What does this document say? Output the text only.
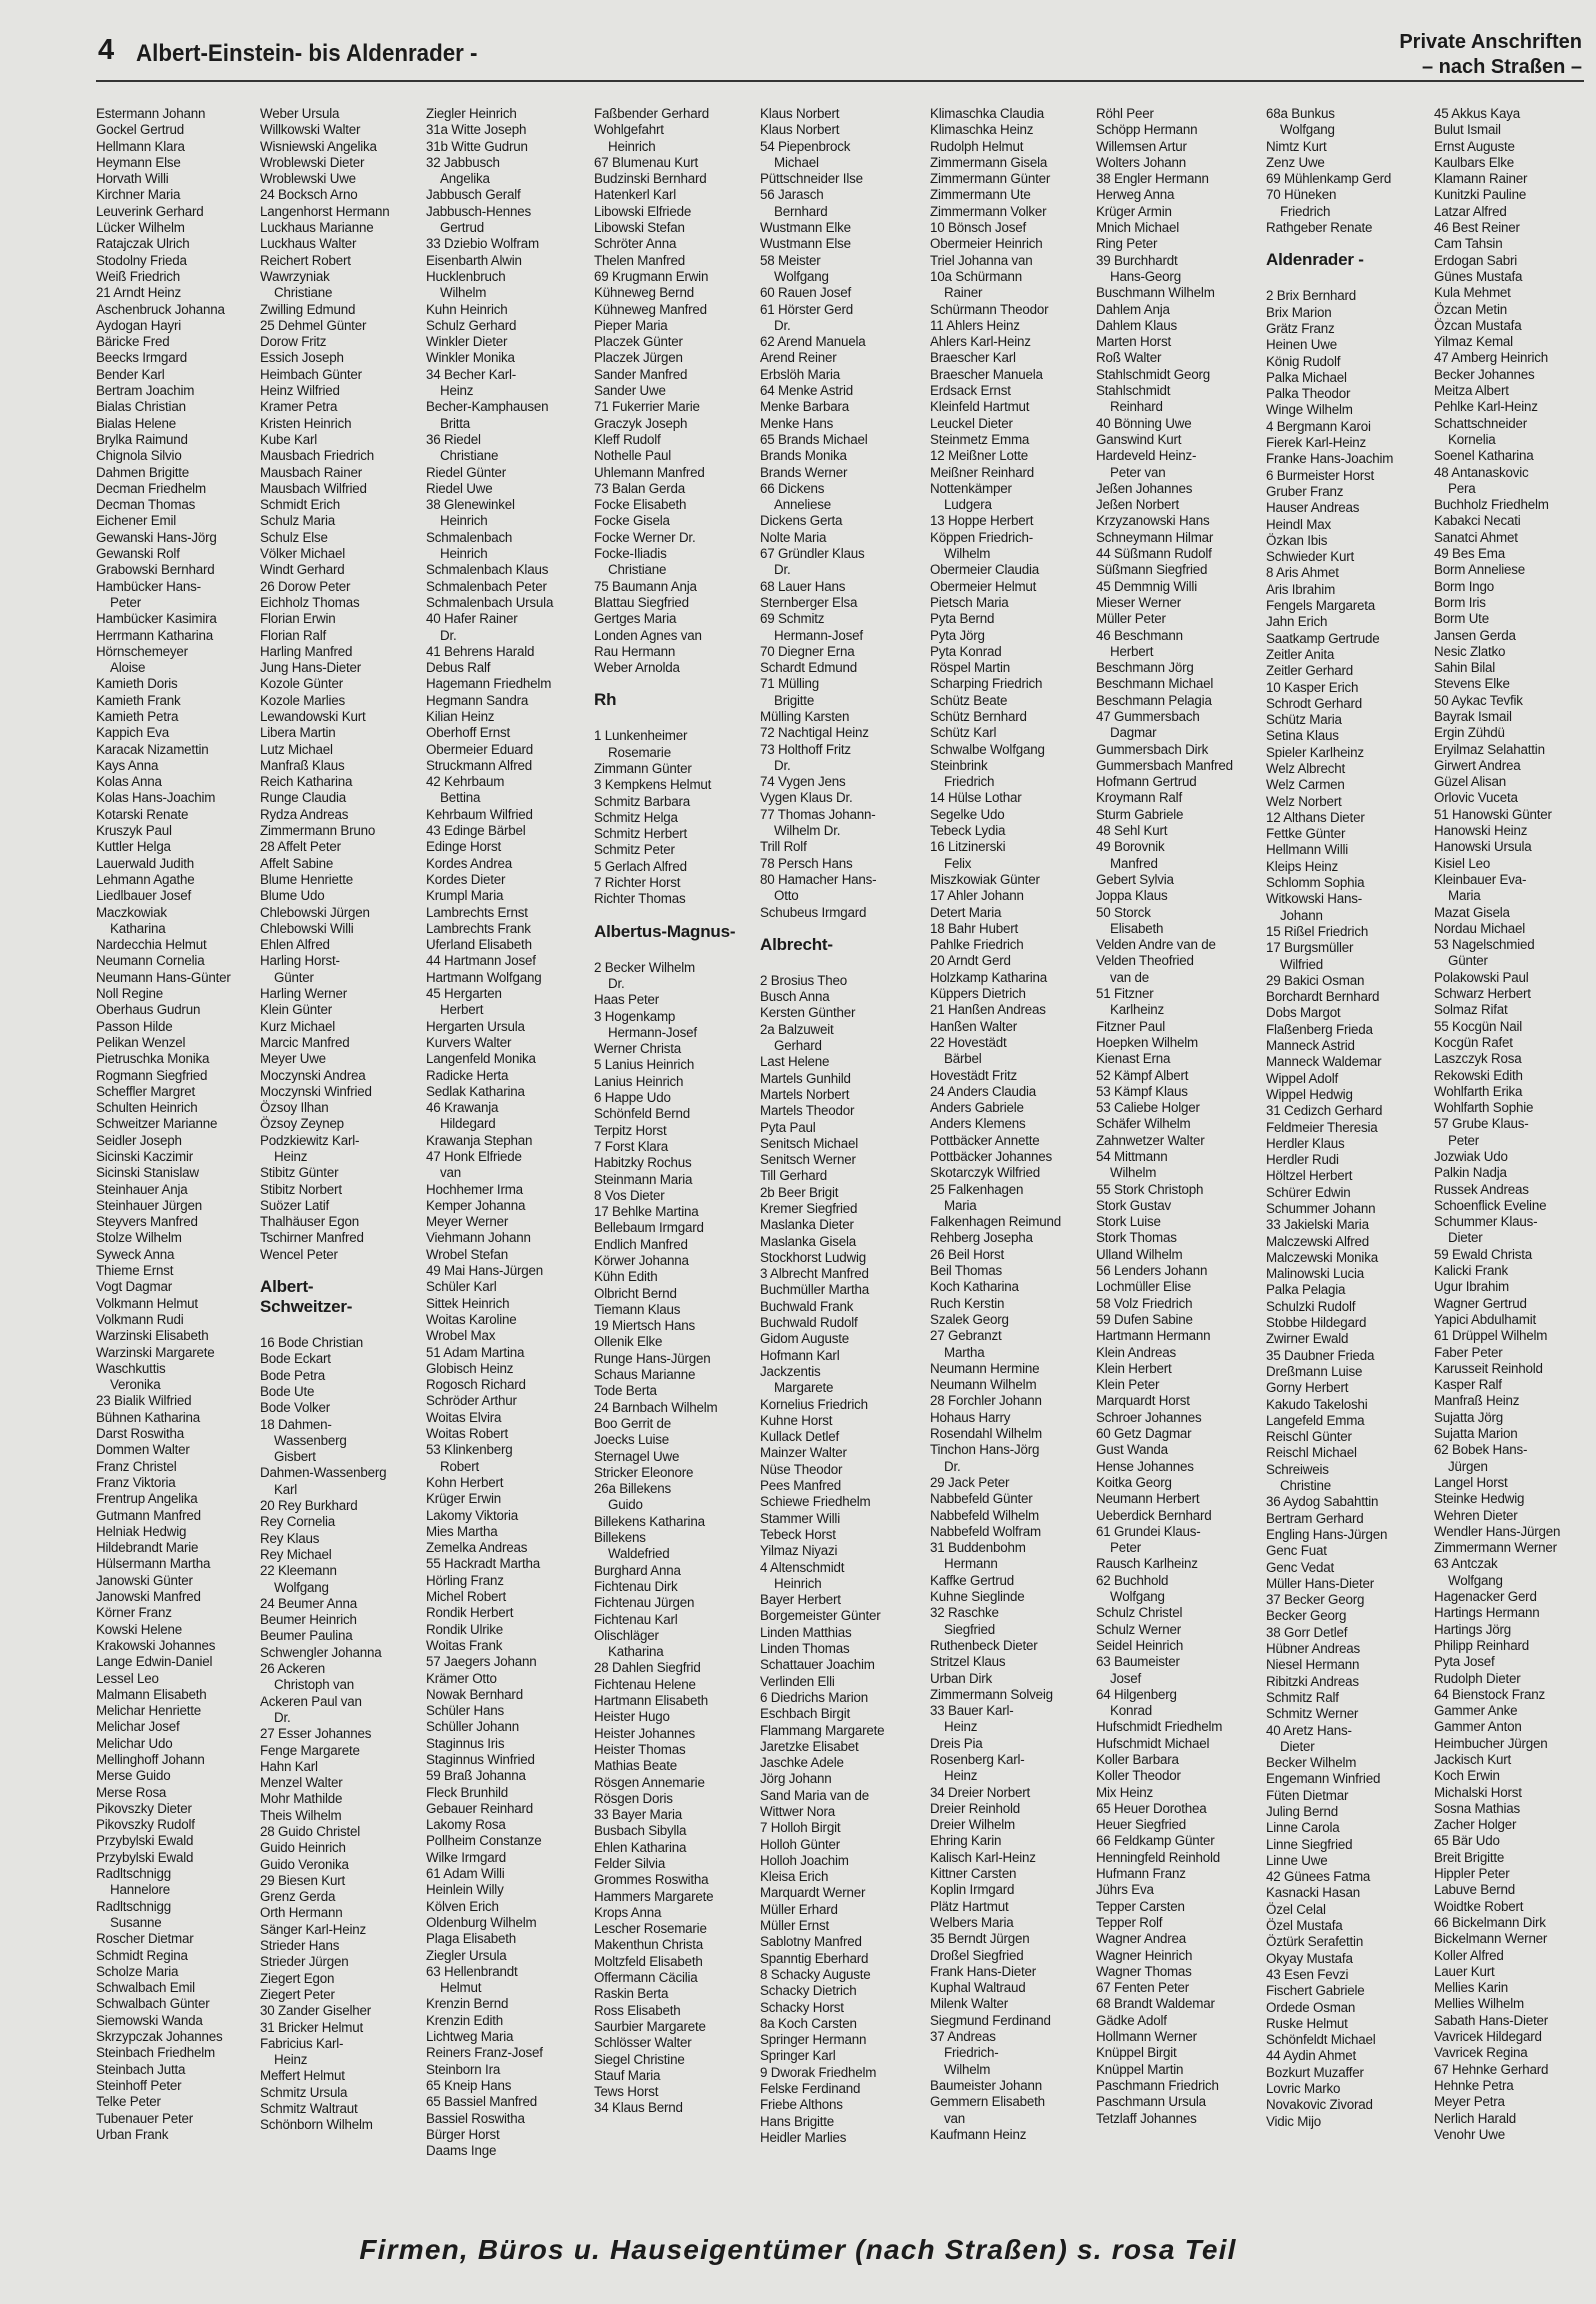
4 Albert-Einstein- bis Aldenrader -	Private Anschriften
– nach Straßen –
Estermann Johann
Gockel Gertrud
Hellmann Klara
Heymann Else
Horvath Willi
Kirchner Maria
Leuverink Gerhard
Lücker Wilhelm
Ratajczak Ulrich
Stodolny Frieda
Weiß Friedrich
21 Arndt Heinz
Aschenbruck Johanna
Aydogan Hayri
Bäricke Fred
Beecks Irmgard
Bender Karl
Bertram Joachim
Bialas Christian
Bialas Helene
Brylka Raimund
Chignola Silvio
Dahmen Brigitte
Decman Friedhelm
Decman Thomas
Eichener Emil
Gewanski Hans-Jörg
Gewanski Rolf
Grabowski Bernhard
Hambücker Hans-
Peter
Hambücker Kasimira
Herrmann Katharina
Hörnschemeyer
Aloise
Kamieth Doris
Kamieth Frank
Kamieth Petra
Kappich Eva
Karacak Nizamettin
Kays Anna
Kolas Anna
Kolas Hans-Joachim
Kotarski Renate
Kruszyk Paul
Kuttler Helga
Lauerwald Judith
Lehmann Agathe
Liedlbauer Josef
Maczkowiak
Katharina
Nardecchia Helmut
Neumann Cornelia
Neumann Hans-Günter
Noll Regine
Oberhaus Gudrun
Passon Hilde
Pelikan Wenzel
Pietruschka Monika
Rogmann Siegfried
Scheffler Margret
Schulten Heinrich
Schweitzer Marianne
Seidler Joseph
Sicinski Kaczimir
Sicinski Stanislaw
Steinhauer Anja
Steinhauer Jürgen
Steyvers Manfred
Stolze Wilhelm
Syweck Anna
Thieme Ernst
Vogt Dagmar
Volkmann Helmut
Volkmann Rudi
Warzinski Elisabeth
Warzinski Margarete
Waschkuttis
Veronika
23 Bialik Wilfried
Bühnen Katharina
Darst Roswitha
Dommen Walter
Franz Christel
Franz Viktoria
Frentrup Angelika
Gutmann Manfred
Helniak Hedwig
Hildebrandt Marie
Hülsermann Martha
Janowski Günter
Janowski Manfred
Körner Franz
Kowski Helene
Krakowski Johannes
Lange Edwin-Daniel
Lessel Leo
Malmann Elisabeth
Melichar Henriette
Melichar Josef
Melichar Udo
Mellinghoff Johann
Merse Guido
Merse Rosa
Pikovszky Dieter
Pikovszky Rudolf
Przybylski Ewald
Przybylski Ewald
Radltschnigg
Hannelore
Radltschnigg
Susanne
Roscher Dietmar
Schmidt Regina
Scholze Maria
Schwalbach Emil
Schwalbach Günter
Siemowski Wanda
Skrzypczak Johannes
Steinbach Friedhelm
Steinbach Jutta
Steinhoff Peter
Telke Peter
Tubenauer Peter
Urban Frank
Weber Ursula
Willkowski Walter
Wisniewski Angelika
Wroblewski Dieter
Wroblewski Uwe
24 Bocksch Arno
Langenhorst Hermann
Luckhaus Marianne
Luckhaus Walter
Reichert Robert
Wawrzyniak
Christiane
Zwilling Edmund
25 Dehmel Günter
Dorow Fritz
Essich Joseph
Heimbach Günter
Heinz Wilfried
Kramer Petra
Kristen Heinrich
Kube Karl
Mausbach Friedrich
Mausbach Rainer
Mausbach Wilfried
Schmidt Erich
Schulz Maria
Schulz Else
Völker Michael
Windt Gerhard
26 Dorow Peter
Eichholz Thomas
Florian Erwin
Florian Ralf
Harling Manfred
Jung Hans-Dieter
Kozole Günter
Kozole Marlies
Lewandowski Kurt
Libera Martin
Lutz Michael
Manfraß Klaus
Reich Katharina
Runge Claudia
Rydza Andreas
Zimmermann Bruno
28 Affelt Peter
Affelt Sabine
Blume Henriette
Blume Udo
Chlebowski Jürgen
Chlebowski Willi
Ehlen Alfred
Harling Horst-
Günter
Harling Werner
Klein Günter
Kurz Michael
Marcic Manfred
Meyer Uwe
Moczynski Andrea
Moczynski Winfried
Özsoy Ilhan
Özsoy Zeynep
Podzkiewitz Karl-
Heinz
Stibitz Günter
Stibitz Norbert
Suözer Latif
Thalhäuser Egon
Tschirner Manfred
Wencel Peter
Albert-
Schweitzer-
16 Bode Christian
Bode Eckart
Bode Petra
Bode Ute
Bode Volker
18 Dahmen-
Wassenberg
Gisbert
Dahmen-Wassenberg
Karl
20 Rey Burkhard
Rey Cornelia
Rey Klaus
Rey Michael
22 Kleemann
Wolfgang
24 Beumer Anna
Beumer Heinrich
Beumer Paulina
Schwengler Johanna
26 Ackeren
Christoph van
Ackeren Paul van
Dr.
27 Esser Johannes
Fenge Margarete
Hahn Karl
Menzel Walter
Mohr Mathilde
Theis Wilhelm
28 Guido Christel
Guido Heinrich
Guido Veronika
29 Biesen Kurt
Grenz Gerda
Orth Hermann
Sänger Karl-Heinz
Strieder Hans
Strieder Jürgen
Ziegert Egon
Ziegert Peter
30 Zander Giselher
31 Bricker Helmut
Fabricius Karl-
Heinz
Meffert Helmut
Schmitz Ursula
Schmitz Waltraut
Schönborn Wilhelm
Ziegler Heinrich
31a Witte Joseph
31b Witte Gudrun
32 Jabbusch
Angelika
Jabbusch Geralf
Jabbusch-Hennes
Gertrud
33 Dziebio Wolfram
Eisenbarth Alwin
Hucklenbruch
Wilhelm
Kuhn Heinrich
Schulz Gerhard
Winkler Dieter
Winkler Monika
34 Becher Karl-
Heinz
Becher-Kamphausen
Britta
36 Riedel
Christiane
Riedel Günter
Riedel Uwe
38 Glenewinkel
Heinrich
Schmalenbach
Heinrich
Schmalenbach Klaus
Schmalenbach Peter
Schmalenbach Ursula
40 Hafer Rainer
Dr.
41 Behrens Harald
Debus Ralf
Hagemann Friedhelm
Hegmann Sandra
Kilian Heinz
Oberhoff Ernst
Obermeier Eduard
Struckmann Alfred
42 Kehrbaum
Bettina
Kehrbaum Wilfried
43 Edinge Bärbel
Edinge Horst
Kordes Andrea
Kordes Dieter
Krumpl Maria
Lambrechts Ernst
Lambrechts Frank
Uferland Elisabeth
44 Hartmann Josef
Hartmann Wolfgang
45 Hergarten
Herbert
Hergarten Ursula
Kurvers Walter
Langenfeld Monika
Radicke Herta
Sedlak Katharina
46 Krawanja
Hildegard
Krawanja Stephan
47 Honk Elfriede
van
Hochhemer Irma
Kemper Johanna
Meyer Werner
Viehmann Johann
Wrobel Stefan
49 Mai Hans-Jürgen
Schüler Karl
Sittek Heinrich
Woitas Karoline
Wrobel Max
51 Adam Martina
Globisch Heinz
Rogosch Richard
Schröder Arthur
Woitas Elvira
Woitas Robert
53 Klinkenberg
Robert
Kohn Herbert
Krüger Erwin
Lakomy Viktoria
Mies Martha
Zemelka Andreas
55 Hackradt Martha
Hörling Franz
Michel Robert
Rondik Herbert
Rondik Ulrike
Woitas Frank
57 Jaegers Johann
Krämer Otto
Nowak Bernhard
Schüler Hans
Schüller Johann
Staginnus Iris
Staginnus Winfried
59 Braß Johanna
Fleck Brunhild
Gebauer Reinhard
Lakomy Rosa
Pollheim Constanze
Wilke Irmgard
61 Adam Willi
Heinlein Willy
Kölven Erich
Oldenburg Wilhelm
Plaga Elisabeth
Ziegler Ursula
63 Hellenbrandt
Helmut
Krenzin Bernd
Krenzin Edith
Lichtweg Maria
Reiners Franz-Josef
Steinborn Ira
65 Kneip Hans
65 Bassiel Manfred
Bassiel Roswitha
Bürger Horst
Daams Inge
Faßbender Gerhard
Wohlgefahrt
Heinrich
67 Blumenau Kurt
Budzinski Bernhard
Hatenkerl Karl
Libowski Elfriede
Libowski Stefan
Schröter Anna
Thelen Manfred
69 Krugmann Erwin
Kühneweg Bernd
Kühneweg Manfred
Pieper Maria
Placzek Günter
Placzek Jürgen
Sander Manfred
Sander Uwe
71 Fukerrier Marie
Graczyk Joseph
Kleff Rudolf
Nothelle Paul
Uhlemann Manfred
73 Balan Gerda
Focke Elisabeth
Focke Gisela
Focke Werner Dr.
Focke-Iliadis
Christiane
75 Baumann Anja
Blattau Siegfried
Gertges Maria
Londen Agnes van
Rau Hermann
Weber Arnolda
Rh
1 Lunkenheimer
Rosemarie
Zimmann Günter
3 Kempkens Helmut
Schmitz Barbara
Schmitz Helga
Schmitz Herbert
Schmitz Peter
5 Gerlach Alfred
7 Richter Horst
Richter Thomas
Albertus-Magnus-
2 Becker Wilhelm
Dr.
Haas Peter
3 Hogenkamp
Hermann-Josef
Werner Christa
5 Lanius Heinrich
Lanius Heinrich
6 Happe Udo
Schönfeld Bernd
Terpitz Horst
7 Forst Klara
Habitzky Rochus
Steinmann Maria
8 Vos Dieter
17 Behlke Martina
Bellebaum Irmgard
Endlich Manfred
Körwer Johanna
Kühn Edith
Olbricht Bernd
Tiemann Klaus
19 Miertsch Hans
Ollenik Elke
Runge Hans-Jürgen
Schaus Marianne
Tode Berta
24 Barnbach Wilhelm
Boo Gerrit de
Joecks Luise
Sternagel Uwe
Stricker Eleonore
26a Billekens
Guido
Billekens Katharina
Billekens
Waldefried
Burghard Anna
Fichtenau Dirk
Fichtenau Jürgen
Fichtenau Karl
Olischläger
Katharina
28 Dahlen Siegfrid
Fichtenau Helene
Hartmann Elisabeth
Heister Hugo
Heister Johannes
Heister Thomas
Mathias Beate
Rösgen Annemarie
Rösgen Doris
33 Bayer Maria
Busbach Sibylla
Ehlen Katharina
Felder Silvia
Grommes Roswitha
Hammers Margarete
Krops Anna
Lescher Rosemarie
Makenthun Christa
Moltzfeld Elisabeth
Offermann Cäcilia
Raskin Berta
Ross Elisabeth
Saurbier Margarete
Schlösser Walter
Siegel Christine
Stauf Maria
Tews Horst
34 Klaus Bernd
Klaus Norbert
Klaus Norbert
54 Piepenbrock
Michael
Püttschneider Ilse
56 Jarasch
Bernhard
Wustmann Elke
Wustmann Else
58 Meister
Wolfgang
60 Rauen Josef
61 Hörster Gerd
Dr.
62 Arend Manuela
Arend Reiner
Erbslöh Maria
64 Menke Astrid
Menke Barbara
Menke Hans
65 Brands Michael
Brands Monika
Brands Werner
66 Dickens
Anneliese
Dickens Gerta
Nolte Maria
67 Gründler Klaus
Dr.
68 Lauer Hans
Sternberger Elsa
69 Schmitz
Hermann-Josef
70 Diegner Erna
Schardt Edmund
71 Mülling
Brigitte
Mülling Karsten
72 Nachtigal Heinz
73 Holthoff Fritz
Dr.
74 Vygen Jens
Vygen Klaus Dr.
77 Thomas Johann-
Wilhelm Dr.
Trill Rolf
78 Persch Hans
80 Hamacher Hans-
Otto
Schubeus Irmgard
Albrecht-
2 Brosius Theo
Busch Anna
Kersten Günther
2a Balzuweit
Gerhard
Last Helene
Martels Gunhild
Martels Norbert
Martels Theodor
Pyta Paul
Senitsch Michael
Senitsch Werner
Till Gerhard
2b Beer Brigit
Kremer Siegfried
Maslanka Dieter
Maslanka Gisela
Stockhorst Ludwig
3 Albrecht Manfred
Buchmüller Martha
Buchwald Frank
Buchwald Rudolf
Gidom Auguste
Hofmann Karl
Jackzentis
Margarete
Kornelius Friedrich
Kuhne Horst
Kullack Detlef
Mainzer Walter
Nüse Theodor
Pees Manfred
Schiewe Friedhelm
Stammer Willi
Tebeck Horst
Yilmaz Niyazi
4 Altenschmidt
Heinrich
Bayer Herbert
Borgemeister Günter
Linden Matthias
Linden Thomas
Schattauer Joachim
Verlinden Elli
6 Diedrichs Marion
Eschbach Birgit
Flammang Margarete
Jaretzke Elisabet
Jaschke Adele
Jörg Johann
Sand Maria van de
Wittwer Nora
7 Holloh Birgit
Holloh Günter
Holloh Joachim
Kleisa Erich
Marquardt Werner
Müller Erhard
Müller Ernst
Sablotny Manfred
Spanntig Eberhard
8 Schacky Auguste
Schacky Dietrich
Schacky Horst
8a Koch Carsten
Springer Hermann
Springer Karl
9 Dworak Friedhelm
Felske Ferdinand
Friebe Althons
Hans Brigitte
Heidler Marlies
Klimaschka Claudia
Klimaschka Heinz
Rudolph Helmut
Zimmermann Gisela
Zimmermann Günter
Zimmermann Ute
Zimmermann Volker
10 Bönsch Josef
Obermeier Heinrich
Triel Johanna van
10a Schürmann
Rainer
Schürmann Theodor
11 Ahlers Heinz
Ahlers Karl-Heinz
Braescher Karl
Braescher Manuela
Erdsack Ernst
Kleinfeld Hartmut
Leuckel Dieter
Steinmetz Emma
12 Meißner Lotte
Meißner Reinhard
Nottenkämper
Ludgera
13 Hoppe Herbert
Köppen Friedrich-
Wilhelm
Obermeier Claudia
Obermeier Helmut
Pietsch Maria
Pyta Bernd
Pyta Jörg
Pyta Konrad
Röspel Martin
Scharping Friedrich
Schütz Beate
Schütz Bernhard
Schütz Karl
Schwalbe Wolfgang
Steinbrink
Friedrich
14 Hülse Lothar
Segelke Udo
Tebeck Lydia
16 Litzinerski
Felix
Miszkowiak Günter
17 Ahler Johann
Detert Maria
18 Bahr Hubert
Pahlke Friedrich
20 Arndt Gerd
Holzkamp Katharina
Küppers Dietrich
21 Hanßen Andreas
Hanßen Walter
22 Hovestädt
Bärbel
Hovestädt Fritz
24 Anders Claudia
Anders Gabriele
Anders Klemens
Pottbäcker Annette
Pottbäcker Johannes
Skotarczyk Wilfried
25 Falkenhagen
Maria
Falkenhagen Reimund
Rehberg Josepha
26 Beil Horst
Beil Thomas
Koch Katharina
Ruch Kerstin
Szalek Georg
27 Gebranzt
Martha
Neumann Hermine
Neumann Wilhelm
28 Forchler Johann
Hohaus Harry
Rosendahl Wilhelm
Tinchon Hans-Jörg
Dr.
29 Jack Peter
Nabbefeld Günter
Nabbefeld Wilhelm
Nabbefeld Wolfram
31 Buddenbohm
Hermann
Kaffke Gertrud
Kuhne Sieglinde
32 Raschke
Siegfried
Ruthenbeck Dieter
Stritzel Klaus
Urban Dirk
Zimmermann Solveig
33 Bauer Karl-
Heinz
Dreis Pia
Rosenberg Karl-
Heinz
34 Dreier Norbert
Dreier Reinhold
Dreier Wilhelm
Ehring Karin
Kalisch Karl-Heinz
Kittner Carsten
Koplin Irmgard
Plätz Hartmut
Welbers Maria
35 Berndt Jürgen
Droßel Siegfried
Frank Hans-Dieter
Kuphal Waltraud
Milenk Walter
Siegmund Ferdinand
37 Andreas
Friedrich-
Wilhelm
Baumeister Johann
Gemmern Elisabeth
van
Kaufmann Heinz
Röhl Peer
Schöpp Hermann
Willemsen Artur
Wolters Johann
38 Engler Hermann
Herweg Anna
Krüger Armin
Mnich Michael
Ring Peter
39 Burchhardt
Hans-Georg
Buschmann Wilhelm
Dahlem Anja
Dahlem Klaus
Marten Horst
Roß Walter
Stahlschmidt Georg
Stahlschmidt
Reinhard
40 Bönning Uwe
Ganswind Kurt
Hardeveld Heinz-
Peter van
Jeßen Johannes
Jeßen Norbert
Krzyzanowski Hans
Schneymann Hilmar
44 Süßmann Rudolf
Süßmann Siegfried
45 Demmnig Willi
Mieser Werner
Müller Peter
46 Beschmann
Herbert
Beschmann Jörg
Beschmann Michael
Beschmann Pelagia
47 Gummersbach
Dagmar
Gummersbach Dirk
Gummersbach Manfred
Hofmann Gertrud
Kroymann Ralf
Sturm Gabriele
48 Sehl Kurt
49 Borovnik
Manfred
Gebert Sylvia
Joppa Klaus
50 Storck
Elisabeth
Velden Andre van de
Velden Theofried
van de
51 Fitzner
Karlheinz
Fitzner Paul
Hoepken Wilhelm
Kienast Erna
52 Kämpf Albert
53 Kämpf Klaus
53 Caliebe Holger
Schäfer Wilhelm
Zahnwetzer Walter
54 Mittmann
Wilhelm
55 Stork Christoph
Stork Gustav
Stork Luise
Stork Thomas
Ulland Wilhelm
56 Lenders Johann
Lochmüller Elise
58 Volz Friedrich
59 Dufen Sabine
Hartmann Hermann
Klein Andreas
Klein Herbert
Klein Peter
Marquardt Horst
Schroer Johannes
60 Getz Dagmar
Gust Wanda
Hense Johannes
Koitka Georg
Neumann Herbert
Ueberdick Bernhard
61 Grundei Klaus-
Peter
Rausch Karlheinz
62 Buchhold
Wolfgang
Schulz Christel
Schulz Werner
Seidel Heinrich
63 Baumeister
Josef
64 Hilgenberg
Konrad
Hufschmidt Friedhelm
Hufschmidt Michael
Koller Barbara
Koller Theodor
Mix Heinz
65 Heuer Dorothea
Heuer Siegfried
66 Feldkamp Günter
Henningfeld Reinhold
Hufmann Franz
Jührs Eva
Tepper Carsten
Tepper Rolf
Wagner Andrea
Wagner Heinrich
Wagner Thomas
67 Fenten Peter
68 Brandt Waldemar
Gädke Adolf
Hollmann Werner
Knüppel Birgit
Knüppel Martin
Paschmann Friedrich
Paschmann Ursula
Tetzlaff Johannes
68a Bunkus
Wolfgang
Nimtz Kurt
Zenz Uwe
69 Mühlenkamp Gerd
70 Hüneken
Friedrich
Rathgeber Renate
Aldenrader -
2 Brix Bernhard
Brix Marion
Grätz Franz
Heinen Uwe
König Rudolf
Palka Michael
Palka Theodor
Winge Wilhelm
4 Bergmann Karoi
Fierek Karl-Heinz
Franke Hans-Joachim
6 Burmeister Horst
Gruber Franz
Hauser Andreas
Heindl Max
Özkan Ibis
Schwieder Kurt
8 Aris Ahmet
Aris Ibrahim
Fengels Margareta
Jahn Erich
Saatkamp Gertrude
Zeitler Anita
Zeitler Gerhard
10 Kasper Erich
Schrodt Gerhard
Schütz Maria
Setina Klaus
Spieler Karlheinz
Welz Albrecht
Welz Carmen
Welz Norbert
12 Althans Dieter
Fettke Günter
Hellmann Willi
Kleips Heinz
Schlomm Sophia
Witkowski Hans-
Johann
15 Rißel Friedrich
17 Burgsmüller
Wilfried
29 Bakici Osman
Borchardt Bernhard
Dobs Margot
Flaßenberg Frieda
Manneck Astrid
Manneck Waldemar
Wippel Adolf
Wippel Hedwig
31 Cedizch Gerhard
Feldmeier Theresia
Herdler Klaus
Herdler Rudi
Höltzel Herbert
Schürer Edwin
Schummer Johann
33 Jakielski Maria
Malczewski Alfred
Malczewski Monika
Malinowski Lucia
Palka Pelagia
Schulzki Rudolf
Stobbe Hildegard
Zwirner Ewald
35 Daubner Frieda
Dreßmann Luise
Gorny Herbert
Kakudo Takeloshi
Langefeld Emma
Reischl Günter
Reischl Michael
Schreiweis
Christine
36 Aydog Sabahttin
Bertram Gerhard
Engling Hans-Jürgen
Genc Fuat
Genc Vedat
Müller Hans-Dieter
37 Becker Georg
Becker Georg
38 Gorr Detlef
Hübner Andreas
Niesel Hermann
Ribitzki Andreas
Schmitz Ralf
Schmitz Werner
40 Aretz Hans-
Dieter
Becker Wilhelm
Engemann Winfried
Füten Dietmar
Juling Bernd
Linne Carola
Linne Siegfried
Linne Uwe
42 Günees Fatma
Kasnacki Hasan
Özel Celal
Özel Mustafa
Öztürk Serafettin
Okyay Mustafa
43 Esen Fevzi
Fischert Gabriele
Ordede Osman
Ruske Helmut
Schönfeldt Michael
44 Aydin Ahmet
Bozkurt Muzaffer
Lovric Marko
Novakovic Zivorad
Vidic Mijo
45 Akkus Kaya
Bulut Ismail
Ernst Auguste
Kaulbars Elke
Klamann Rainer
Kunitzki Pauline
Latzar Alfred
46 Best Reiner
Cam Tahsin
Erdogan Sabri
Günes Mustafa
Kula Mehmet
Özcan Metin
Özcan Mustafa
Yilmaz Kemal
47 Amberg Heinrich
Becker Johannes
Meitza Albert
Pehlke Karl-Heinz
Schattschneider
Kornelia
Soenel Katharina
48 Antanaskovic
Pera
Buchholz Friedhelm
Kabakci Necati
Sanatci Ahmet
49 Bes Ema
Borm Anneliese
Borm Ingo
Borm Iris
Borm Ute
Jansen Gerda
Nesic Zlatko
Sahin Bilal
Stevens Elke
50 Aykac Tevfik
Bayrak Ismail
Ergin Zühdü
Eryilmaz Selahattin
Girwert Andrea
Güzel Alisan
Orlovic Vuceta
51 Hanowski Günter
Hanowski Heinz
Hanowski Ursula
Kisiel Leo
Kleinbauer Eva-
Maria
Mazat Gisela
Nordau Michael
53 Nagelschmied
Günter
Polakowski Paul
Schwarz Herbert
Solmaz Rifat
55 Kocgün Nail
Kocgün Rafet
Laszczyk Rosa
Rekowski Edith
Wohlfarth Erika
Wohlfarth Sophie
57 Grube Klaus-
Peter
Jozwiak Udo
Palkin Nadja
Russek Andreas
Schoenflick Eveline
Schummer Klaus-
Dieter
59 Ewald Christa
Kalicki Frank
Ugur Ibrahim
Wagner Gertrud
Yapici Abdulhamit
61 Drüppel Wilhelm
Faber Peter
Karusseit Reinhold
Kasper Ralf
Manfraß Heinz
Sujatta Jörg
Sujatta Marion
62 Bobek Hans-
Jürgen
Langel Horst
Steinke Hedwig
Wehren Dieter
Wendler Hans-Jürgen
Zimmermann Werner
63 Antczak
Wolfgang
Hagenacker Gerd
Hartings Hermann
Hartings Jörg
Philipp Reinhard
Pyta Josef
Rudolph Dieter
64 Bienstock Franz
Gammer Anke
Gammer Anton
Heimbucher Jürgen
Jackisch Kurt
Koch Erwin
Michalski Horst
Sosna Mathias
Zacher Holger
65 Bär Udo
Breit Brigitte
Hippler Peter
Labuve Bernd
Woidtke Robert
66 Bickelmann Dirk
Bickelmann Werner
Koller Alfred
Lauer Kurt
Mellies Karin
Mellies Wilhelm
Sabath Hans-Dieter
Vavricek Hildegard
Vavricek Regina
67 Hehnke Gerhard
Hehnke Petra
Meyer Petra
Nerlich Harald
Venohr Uwe
Firmen, Büros u. Hauseigentümer (nach Straßen) s. rosa Teil
